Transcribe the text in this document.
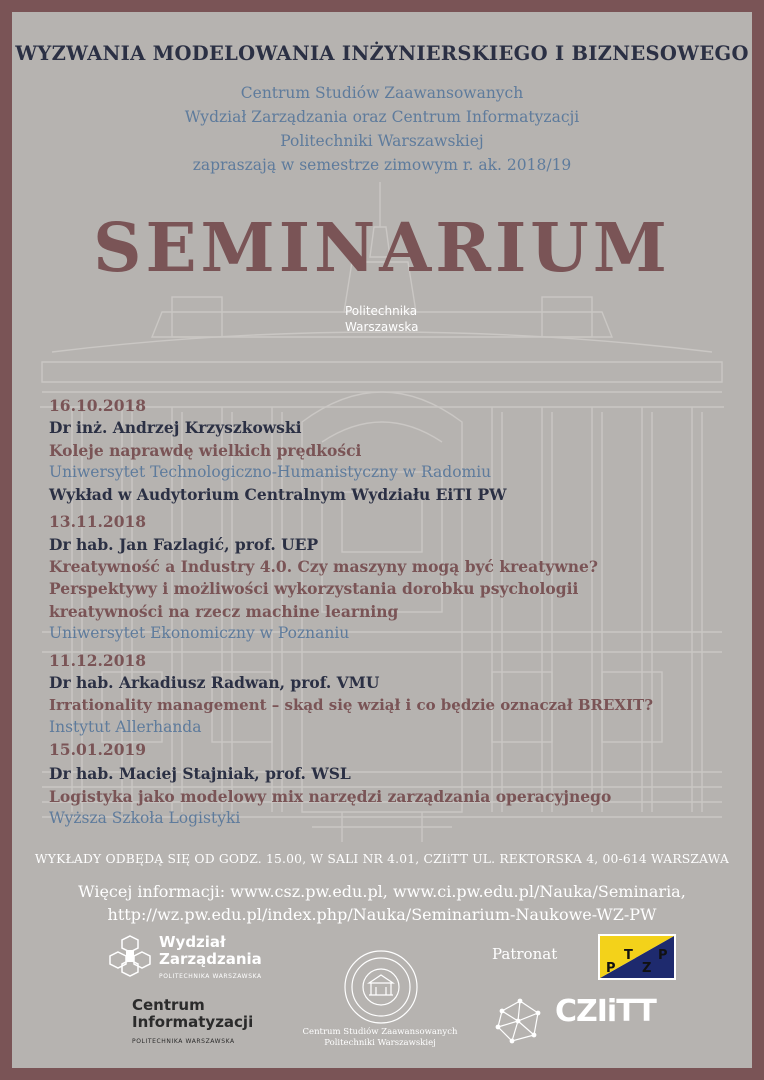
WYZWANIA MODELOWANIA INŻYNIERSKIEGO I BIZNESOWEGO
Centrum Studiów Zaawansowanych
Wydział Zarządzania oraz Centrum Informatyzacji
Politechniki Warszawskiej
zapraszają w semestrze zimowym r. ak. 2018/19
SEMINARIUM
Politechnika
Warszawska
16.10.2018
Dr inż. Andrzej Krzyszkowski
Koleje naprawdę wielkich prędkości
Uniwersytet Technologiczno-Humanistyczny w Radomiu
Wykład w Audytorium Centralnym Wydziału EiTI PW
13.11.2018
Dr hab. Jan Fazlagić, prof. UEP
Kreatywność a Industry 4.0. Czy maszyny mogą być kreatywne?
Perspektywy i możliwości wykorzystania dorobku psychologii
kreatywności na rzecz machine learning
Uniwersytet Ekonomiczny w Poznaniu
11.12.2018
Dr hab. Arkadiusz Radwan, prof. VMU
Irrationality management – skąd się wziął i co będzie oznaczał BREXIT?
Instytut Allerhanda
15.01.2019
Dr hab. Maciej Stajniak, prof. WSL
Logistyka jako modelowy mix narzędzi zarządzania operacyjnego
Wyższa Szkoła Logistyki
WYKŁADY ODBĘDĄ SIĘ OD GODZ. 15.00, W SALI NR 4.01, CZIiTT UL. REKTORSKA 4, 00-614 WARSZAWA
Więcej informacji: www.csz.pw.edu.pl, www.ci.pw.edu.pl/Nauka/Seminaria,
http://wz.pw.edu.pl/index.php/Nauka/Seminarium-Naukowe-WZ-PW
Wydział
Zarządzania
POLITECHNIKA WARSZAWSKA
Centrum
Informatyzacji
POLITECHNIKA WARSZAWSKA
Centrum Studiów Zaawansowanych
Politechniki Warszawskiej
Patronat
P
T
Z
P
CZIiTT
